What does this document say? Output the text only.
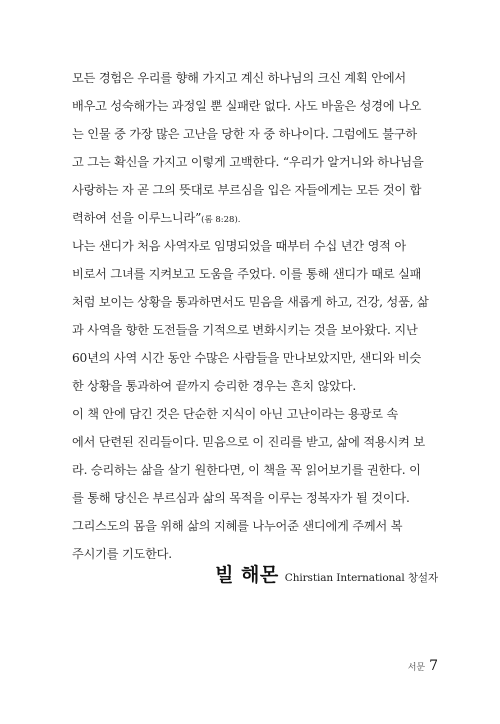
모든 경험은 우리를 향해 가지고 계신 하나님의 크신 계획 안에서
배우고 성숙해가는 과정일 뿐 실패란 없다. 사도 바울은 성경에 나오
는 인물 중 가장 많은 고난을 당한 자 중 하나이다. 그럼에도 불구하
고 그는 확신을 가지고 이렇게 고백한다. “우리가 알거니와 하나님을
사랑하는 자 곧 그의 뜻대로 부르심을 입은 자들에게는 모든 것이 합
력하여 선을 이루느니라”(롬 8:28).
나는 샌디가 처음 사역자로 임명되었을 때부터 수십 년간 영적 아
비로서 그녀를 지켜보고 도움을 주었다. 이를 통해 샌디가 때로 실패
처럼 보이는 상황을 통과하면서도 믿음을 새롭게 하고, 건강, 성품, 삶
과 사역을 향한 도전들을 기적으로 변화시키는 것을 보아왔다. 지난
60년의 사역 시간 동안 수많은 사람들을 만나보았지만, 샌디와 비슷
한 상황을 통과하여 끝까지 승리한 경우는 흔치 않았다.
이 책 안에 담긴 것은 단순한 지식이 아닌 고난이라는 용광로 속
에서 단련된 진리들이다. 믿음으로 이 진리를 받고, 삶에 적용시켜 보
라. 승리하는 삶을 살기 원한다면, 이 책을 꼭 읽어보기를 권한다. 이
를 통해 당신은 부르심과 삶의 목적을 이루는 정복자가 될 것이다.
그리스도의 몸을 위해 삶의 지혜를 나누어준 샌디에게 주께서 복
주시기를 기도한다.
빌 해몬 Chirstian International 창설자
서문 7
